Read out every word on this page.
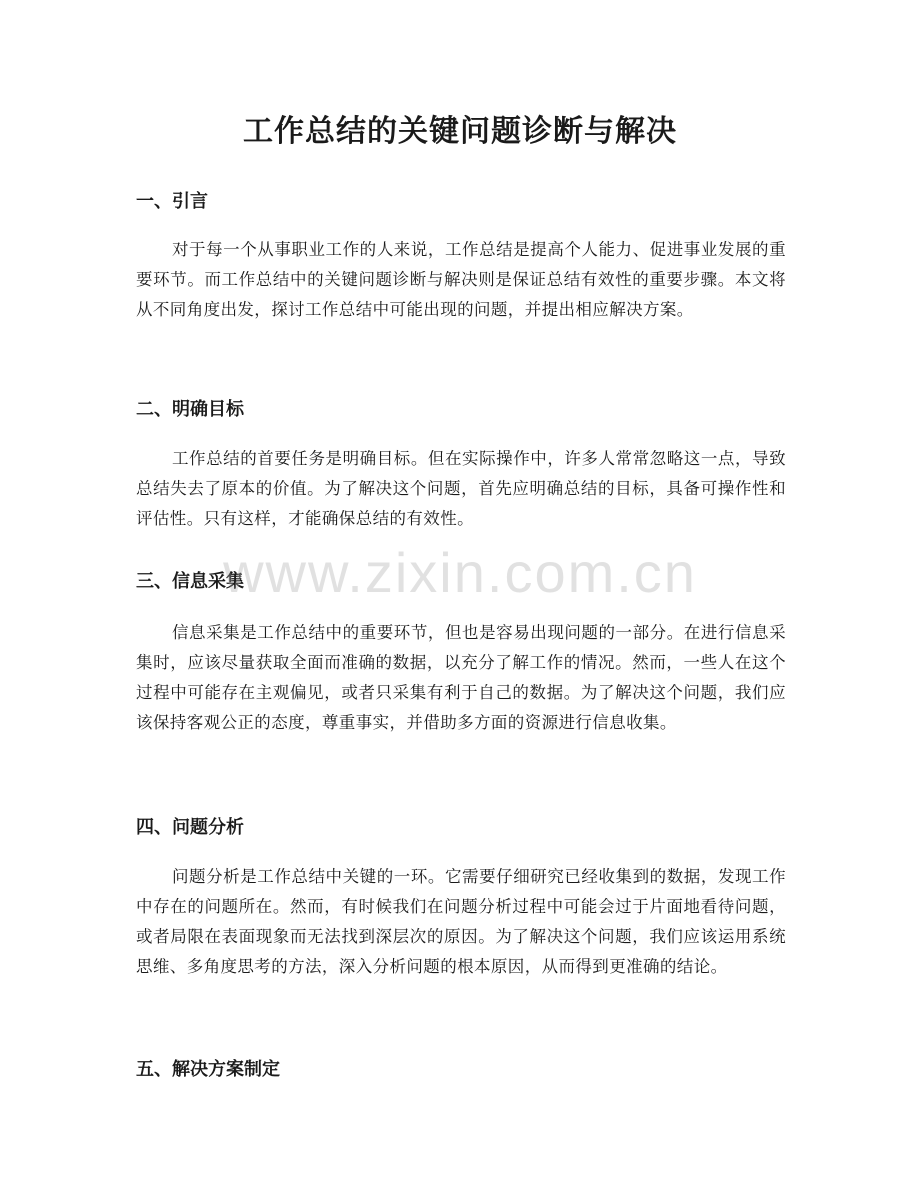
工作总结的关键问题诊断与解决
一、引言

对于每一个从事职业工作的人来说，工作总结是提高个人能力、促进事业发展的重要环节。而工作总结中的关键问题诊断与解决则是保证总结有效性的重要步骤。本文将从不同角度出发，探讨工作总结中可能出现的问题，并提出相应解决方案。

二、明确目标

工作总结的首要任务是明确目标。但在实际操作中，许多人常常忽略这一点，导致总结失去了原本的价值。为了解决这个问题，首先应明确总结的目标，具备可操作性和评估性。只有这样，才能确保总结的有效性。

三、信息采集

信息采集是工作总结中的重要环节，但也是容易出现问题的一部分。在进行信息采集时，应该尽量获取全面而准确的数据，以充分了解工作的情况。然而，一些人在这个过程中可能存在主观偏见，或者只采集有利于自己的数据。为了解决这个问题，我们应该保持客观公正的态度，尊重事实，并借助多方面的资源进行信息收集。

四、问题分析

问题分析是工作总结中关键的一环。它需要仔细研究已经收集到的数据，发现工作中存在的问题所在。然而，有时候我们在问题分析过程中可能会过于片面地看待问题，或者局限在表面现象而无法找到深层次的原因。为了解决这个问题，我们应该运用系统思维、多角度思考的方法，深入分析问题的根本原因，从而得到更准确的结论。

五、解决方案制定
www.zixin.com.cn
